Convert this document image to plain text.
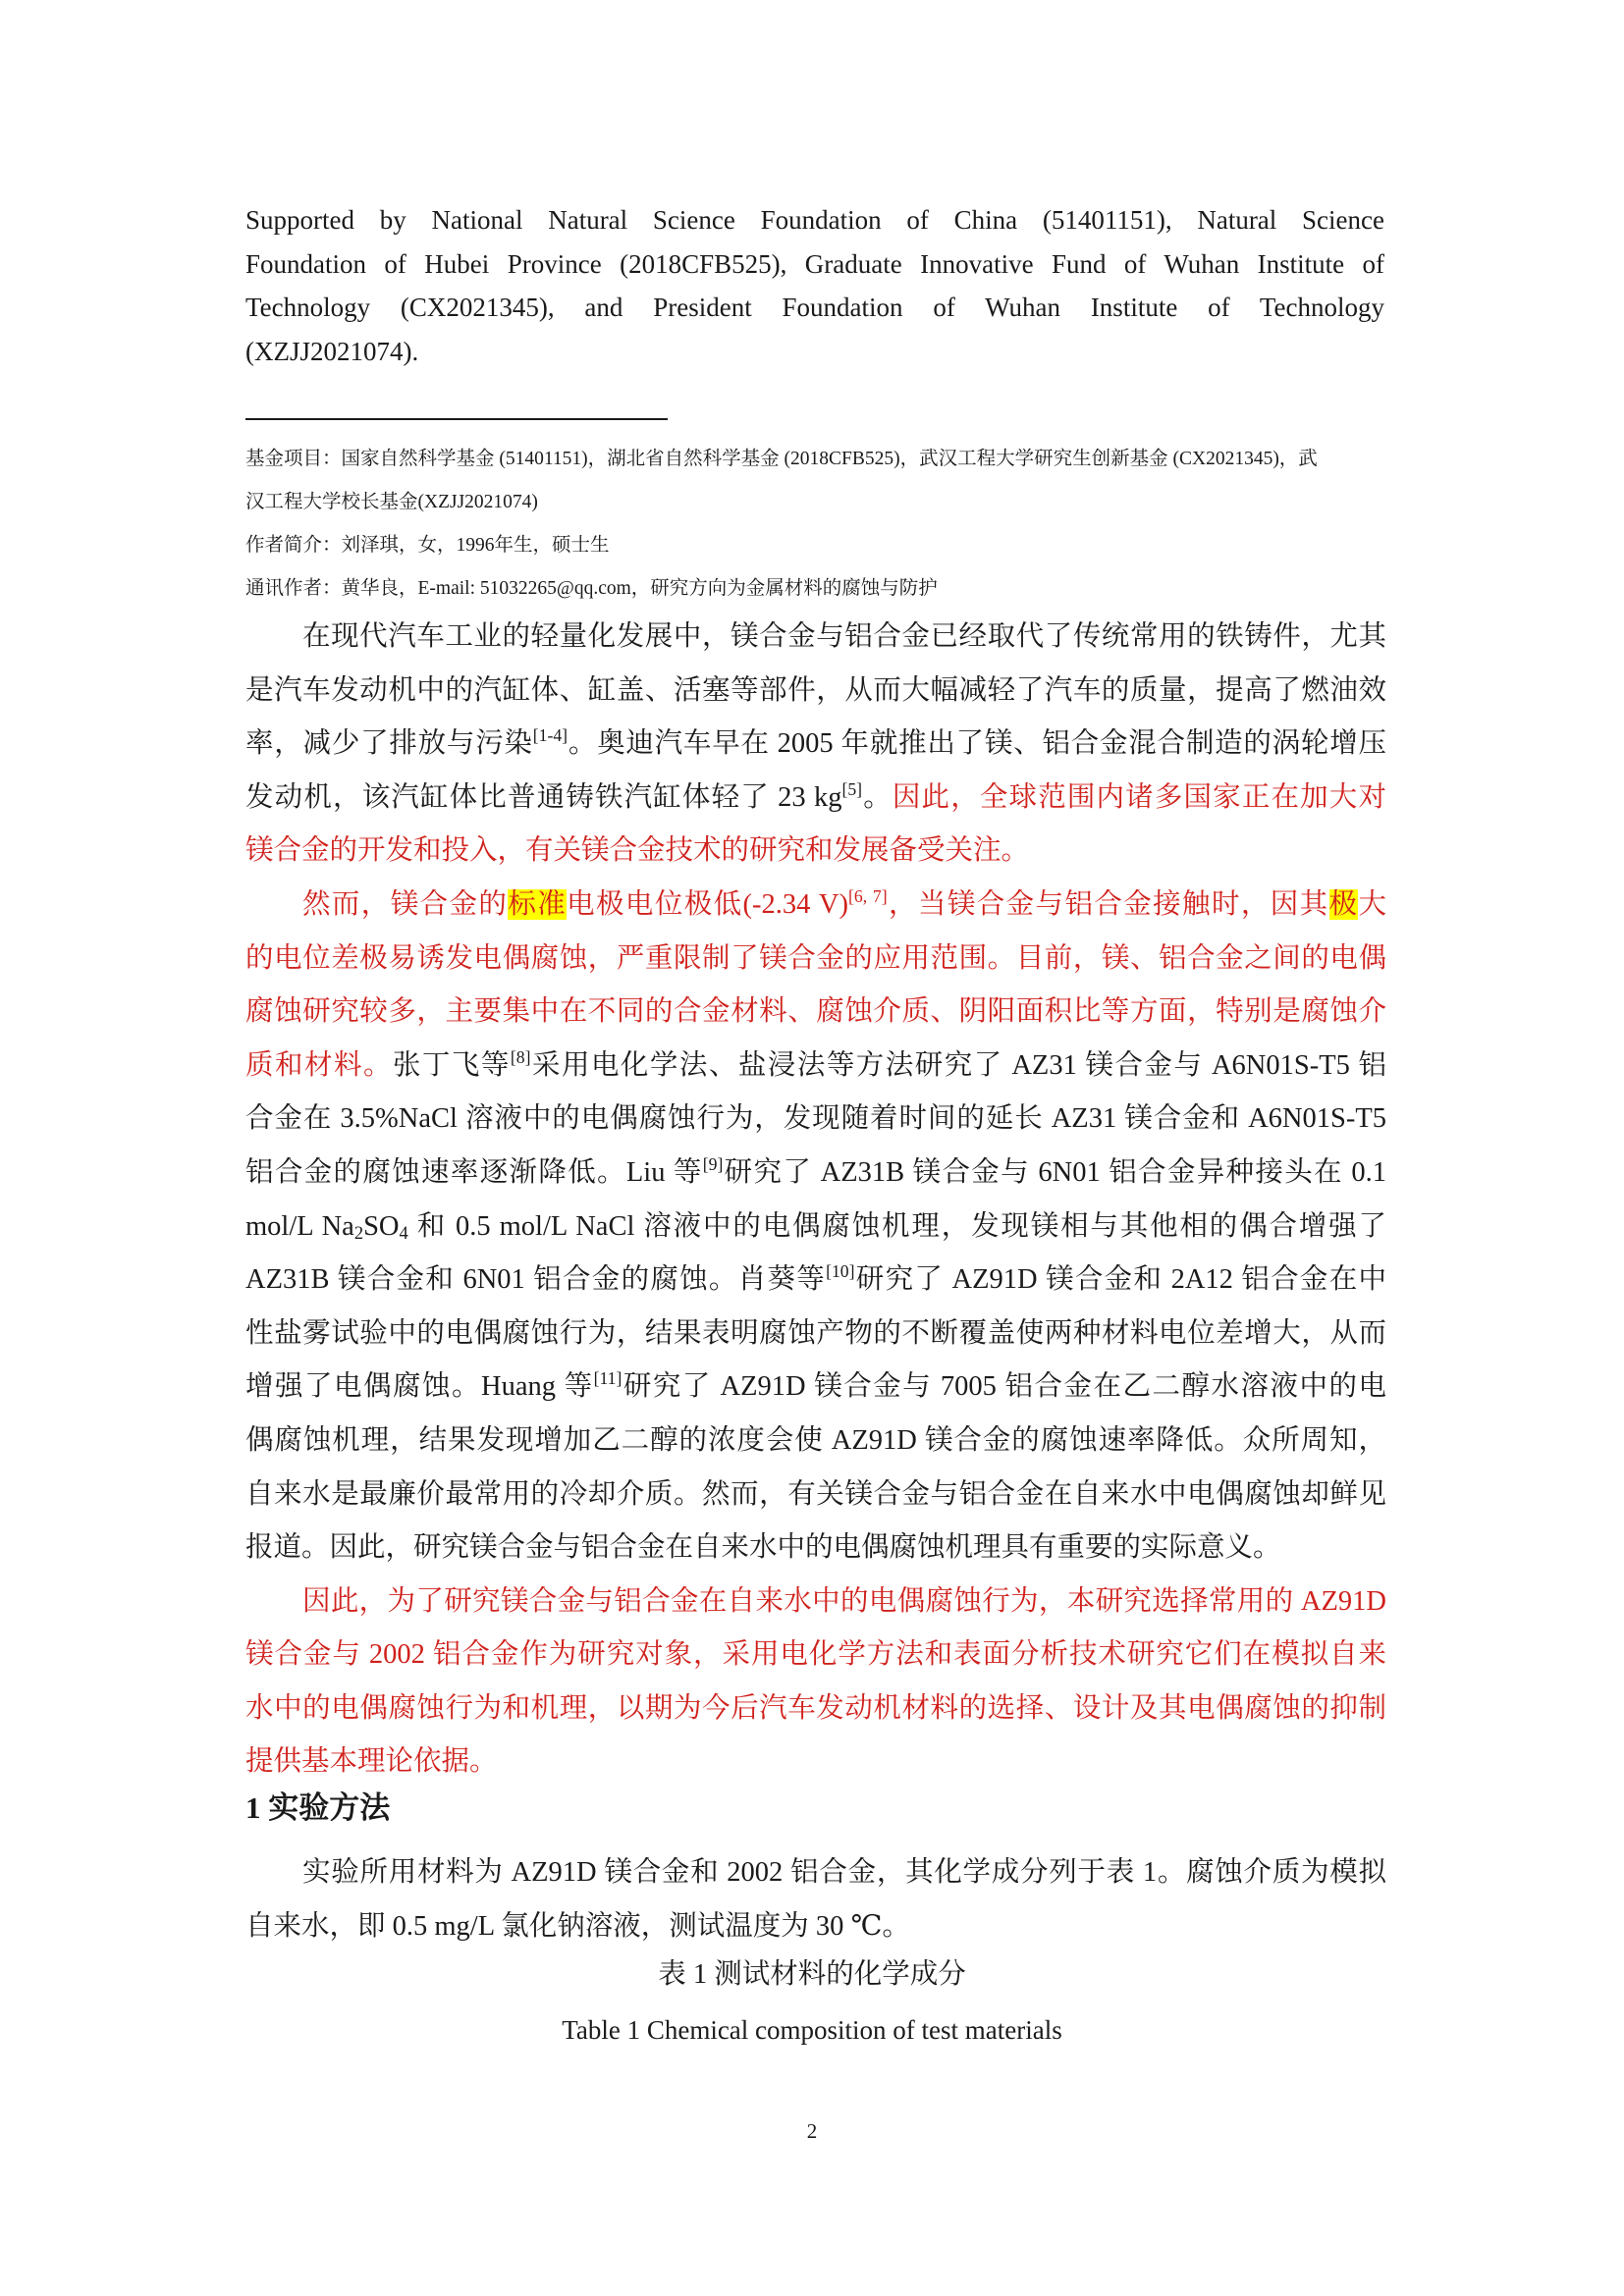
Supported by National Natural Science Foundation of China (51401151), Natural Science
Foundation of Hubei Province (2018CFB525), Graduate Innovative Fund of Wuhan Institute of
Technology (CX2021345), and President Foundation of Wuhan Institute of Technology
(XZJJ2021074).
基金项目：国家自然科学基金 (51401151)，湖北省自然科学基金 (2018CFB525)，武汉工程大学研究生创新基金 (CX2021345)，武
汉工程大学校长基金(XZJJ2021074)
作者简介：刘泽琪，女，1996年生，硕士生
通讯作者：黄华良，E-mail: 51032265@qq.com，研究方向为金属材料的腐蚀与防护
在现代汽车工业的轻量化发展中，镁合金与铝合金已经取代了传统常用的铁铸件，尤其
是汽车发动机中的汽缸体、缸盖、活塞等部件，从而大幅减轻了汽车的质量，提高了燃油效
率，减少了排放与污染[1-4]。奥迪汽车早在 2005 年就推出了镁、铝合金混合制造的涡轮增压
发动机，该汽缸体比普通铸铁汽缸体轻了 23 kg[5]。因此，全球范围内诸多国家正在加大对
镁合金的开发和投入，有关镁合金技术的研究和发展备受关注。
然而，镁合金的标准电极电位极低(-2.34 V)[6, 7]，当镁合金与铝合金接触时，因其极大
的电位差极易诱发电偶腐蚀，严重限制了镁合金的应用范围。目前，镁、铝合金之间的电偶
腐蚀研究较多，主要集中在不同的合金材料、腐蚀介质、阴阳面积比等方面，特别是腐蚀介
质和材料。张丁飞等[8]采用电化学法、盐浸法等方法研究了 AZ31 镁合金与 A6N01S-T5 铝
合金在 3.5%NaCl 溶液中的电偶腐蚀行为，发现随着时间的延长 AZ31 镁合金和 A6N01S-T5
铝合金的腐蚀速率逐渐降低。Liu 等[9]研究了 AZ31B 镁合金与 6N01 铝合金异种接头在 0.1
mol/L $Na_2SO_4$ 和 0.5 mol/L NaCl 溶液中的电偶腐蚀机理，发现镁相与其他相的偶合增强了
AZ31B 镁合金和 6N01 铝合金的腐蚀。肖葵等[10]研究了 AZ91D 镁合金和 2A12 铝合金在中
性盐雾试验中的电偶腐蚀行为，结果表明腐蚀产物的不断覆盖使两种材料电位差增大，从而
增强了电偶腐蚀。Huang 等[11]研究了 AZ91D 镁合金与 7005 铝合金在乙二醇水溶液中的电
偶腐蚀机理，结果发现增加乙二醇的浓度会使 AZ91D 镁合金的腐蚀速率降低。众所周知，
自来水是最廉价最常用的冷却介质。然而，有关镁合金与铝合金在自来水中电偶腐蚀却鲜见
报道。因此，研究镁合金与铝合金在自来水中的电偶腐蚀机理具有重要的实际意义。
因此，为了研究镁合金与铝合金在自来水中的电偶腐蚀行为，本研究选择常用的 AZ91D
镁合金与 2002 铝合金作为研究对象，采用电化学方法和表面分析技术研究它们在模拟自来
水中的电偶腐蚀行为和机理，以期为今后汽车发动机材料的选择、设计及其电偶腐蚀的抑制
提供基本理论依据。
1 实验方法
实验所用材料为 AZ91D 镁合金和 2002 铝合金，其化学成分列于表 1。腐蚀介质为模拟
自来水，即 0.5 mg/L 氯化钠溶液，测试温度为 30 ℃。
表 1 测试材料的化学成分
Table 1 Chemical composition of test materials
2
